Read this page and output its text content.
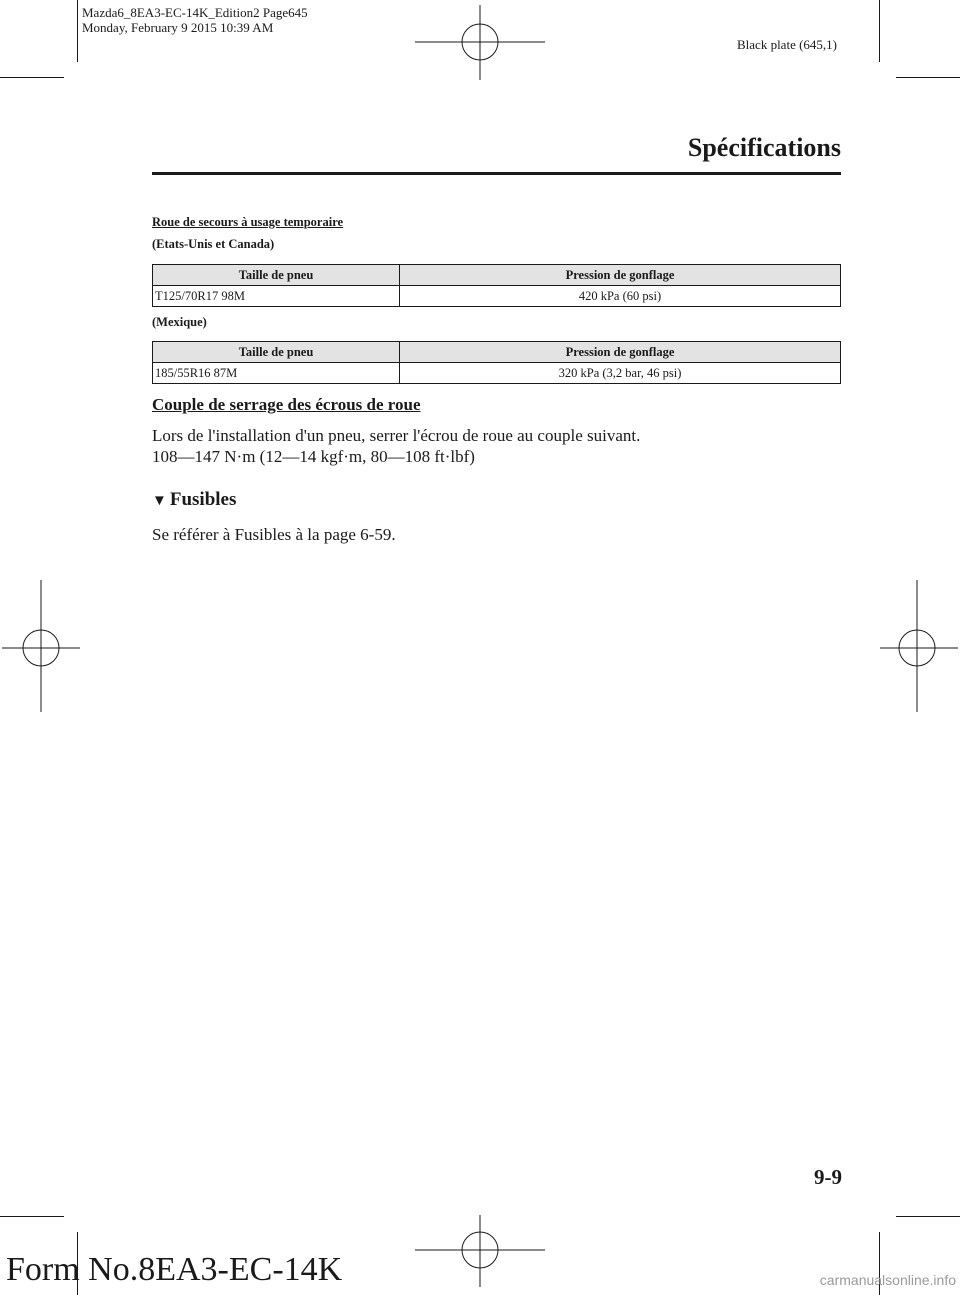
Mazda6_8EA3-EC-14K_Edition2 Page645
Monday, February 9 2015 10:39 AM
Black plate (645,1)
Spécifications
Roue de secours à usage temporaire
(Etats-Unis et Canada)
Taille de pneu	Pression de gonflage
T125/70R17 98M	420 kPa (60 psi)
(Mexique)
Taille de pneu	Pression de gonflage
185/55R16 87M	320 kPa (3,2 bar, 46 psi)
Couple de serrage des écrous de roue
Lors de l'installation d'un pneu, serrer l'écrou de roue au couple suivant.
108―147 N·m (12―14 kgf·m, 80―108 ft·lbf)
▼ Fusibles
Se référer à Fusibles à la page 6-59.
9-9
Form No.8EA3-EC-14K	carmanualsonline.info
